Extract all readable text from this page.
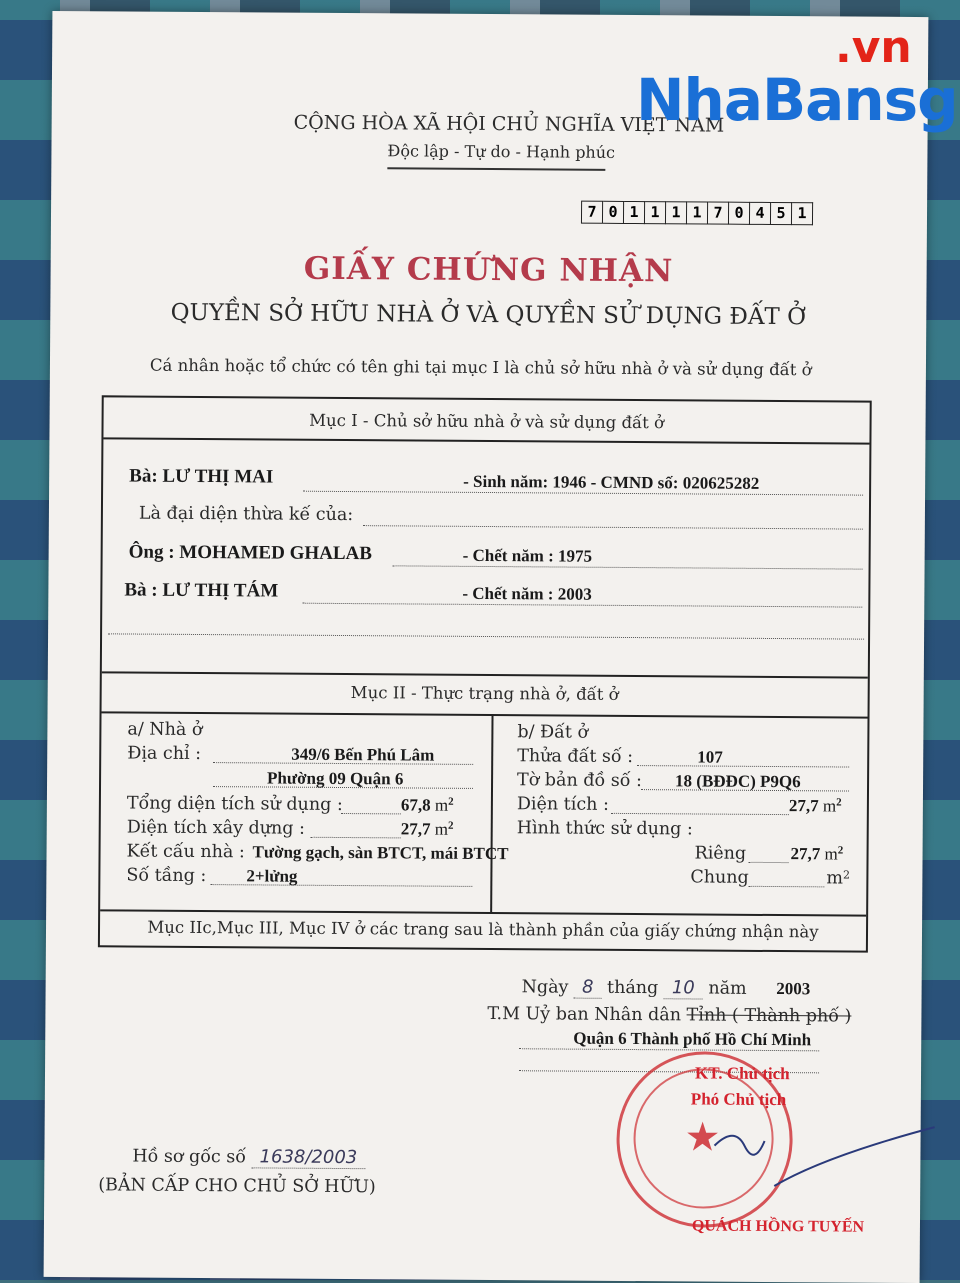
CỘNG HÒA XÃ HỘI CHỦ NGHĨA VIỆT NAM
Độc lập - Tự do - Hạnh phúc
7 0 1 1 1 1 7 0 4 5 1
GIẤY CHỨNG NHẬN
QUYỀN SỞ HỮU NHÀ Ở VÀ QUYỀN SỬ DỤNG ĐẤT Ở
Cá nhân hoặc tổ chức có tên ghi tại mục I là chủ sở hữu nhà ở và sử dụng đất ở
Mục I - Chủ sở hữu nhà ở và sử dụng đất ở
Bà: LƯ THỊ MAI	- Sinh năm: 1946 - CMND số: 020625282
Là đại diện thừa kế của:
Ông : MOHAMED GHALAB	- Chết năm : 1975
Bà : LƯ THỊ TÁM	- Chết năm : 2003
Mục II - Thực trạng nhà ở, đất ở
a/ Nhà ở
Địa chỉ :	349/6 Bến Phú Lâm
Phường 09 Quận 6
Tổng diện tích sử dụng :	67,8 $m^2$
Diện tích xây dựng :	27,7 $m^2$
Kết cấu nhà : Tường gạch, sàn BTCT, mái BTCT
Số tầng : 2+lửng
b/ Đất ở
Thửa đất số :	107
Tờ bản đồ số : 18 (BĐĐC) P9Q6
Diện tích :	27,7 $m^2$
Hình thức sử dụng :
Riêng	27,7 $m^2$
Chung	$m^2$
Mục IIc,Mục III, Mục IV ở các trang sau là thành phần của giấy chứng nhận này
Ngày 8 tháng 10 năm 2003
T.M Uỷ ban Nhân dân Tỉnh ( Thành phố )
Quận 6 Thành phố Hồ Chí Minh
★
KT. Chủ tịch
Phó Chủ tịch
QUÁCH HỒNG TUYẾN
Hồ sơ gốc số 1638/2003
(BẢN CẤP CHO CHỦ SỞ HỮU)
.vn
NhaBansg
